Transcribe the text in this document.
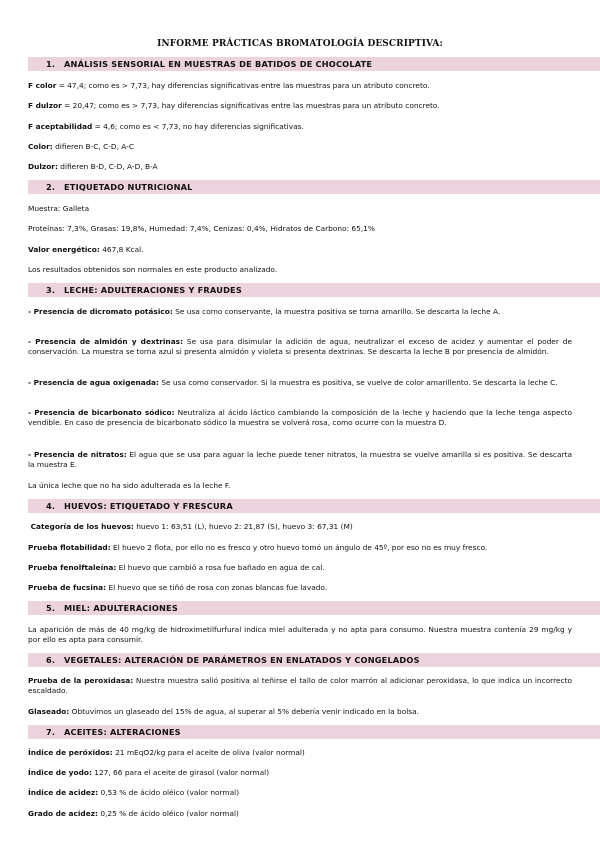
INFORME PRÁCTICAS BROMATOLOGÍA DESCRIPTIVA:
1. ANÁLISIS SENSORIAL EN MUESTRAS DE BATIDOS DE CHOCOLATE

F color = 47,4; como es > 7,73, hay diferencias significativas entre las muestras para un atributo concreto.

F dulzor = 20,47; como es > 7,73, hay diferencias significativas entre las muestras para un atributo concreto.

F aceptabilidad = 4,6; como es < 7,73, no hay diferencias significativas.

Color: difieren B-C, C-D, A-C

Dulzor: difieren B-D, C-D, A-D, B-A

2. ETIQUETADO NUTRICIONAL

Muestra: Galleta

Proteínas: 7,3%, Grasas: 19,8%, Humedad: 7,4%, Cenizas: 0,4%, Hidratos de Carbono: 65,1%

Valor energético: 467,8 Kcal.

Los resultados obtenidos son normales en este producto analizado.

3. LECHE: ADULTERACIONES Y FRAUDES

- Presencia de dicromato potásico: Se usa como conservante, la muestra positiva se torna amarillo. Se descarta la leche A.

- Presencia de almidón y dextrinas: Se usa para disimular la adición de agua, neutralizar el exceso de acidez y aumentar el poder de conservación. La muestra se torna azul si presenta almidón y violeta si presenta dextrinas. Se descarta la leche B por presencia de almidón.

- Presencia de agua oxigenada: Se usa como conservador. Si la muestra es positiva, se vuelve de color amarillento. Se descarta la leche C.

- Presencia de bicarbonato sódico: Neutraliza al ácido láctico cambiando la composición de la leche y haciendo que la leche tenga aspecto vendible. En caso de presencia de bicarbonato sódico la muestra se volverá rosa, como ocurre con la muestra D.

- Presencia de nitratos: El agua que se usa para aguar la leche puede tener nitratos, la muestra se vuelve amarilla si es positiva. Se descarta la muestra E.

La única leche que no ha sido adulterada es la leche F.

4. HUEVOS: ETIQUETADO Y FRESCURA

Categoría de los huevos: huevo 1: 63,51 (L), huevo 2: 21,87 (S), huevo 3: 67,31 (M)

Prueba flotabilidad: El huevo 2 flota, por ello no es fresco y otro huevo tomó un ángulo de 45º, por eso no es muy fresco.

Prueba fenolftaleína: El huevo que cambió a rosa fue bañado en agua de cal.

Prueba de fucsina: El huevo que se tiñó de rosa con zonas blancas fue lavado.

5. MIEL: ADULTERACIONES

La aparición de más de 40 mg/kg de hidroximetilfurfural indica miel adulterada y no apta para consumo. Nuestra muestra contenía 29 mg/kg y por ello es apta para consumir.

6. VEGETALES: ALTERACIÓN DE PARÁMETROS EN ENLATADOS Y CONGELADOS

Prueba de la peroxidasa: Nuestra muestra salió positiva al teñirse el tallo de color marrón al adicionar peroxidasa, lo que indica un incorrecto escaldado.

Glaseado: Obtuvimos un glaseado del 15% de agua, al superar al 5% debería venir indicado en la bolsa.

7. ACEITES: ALTERACIONES

Índice de peróxidos: 21 mEqO2/kg para el aceite de oliva (valor normal)

Índice de yodo: 127, 66 para el aceite de girasol (valor normal)

Índice de acidez: 0,53 % de ácido oléico (valor normal)

Grado de acidez: 0,25 % de ácido oléico (valor normal)
